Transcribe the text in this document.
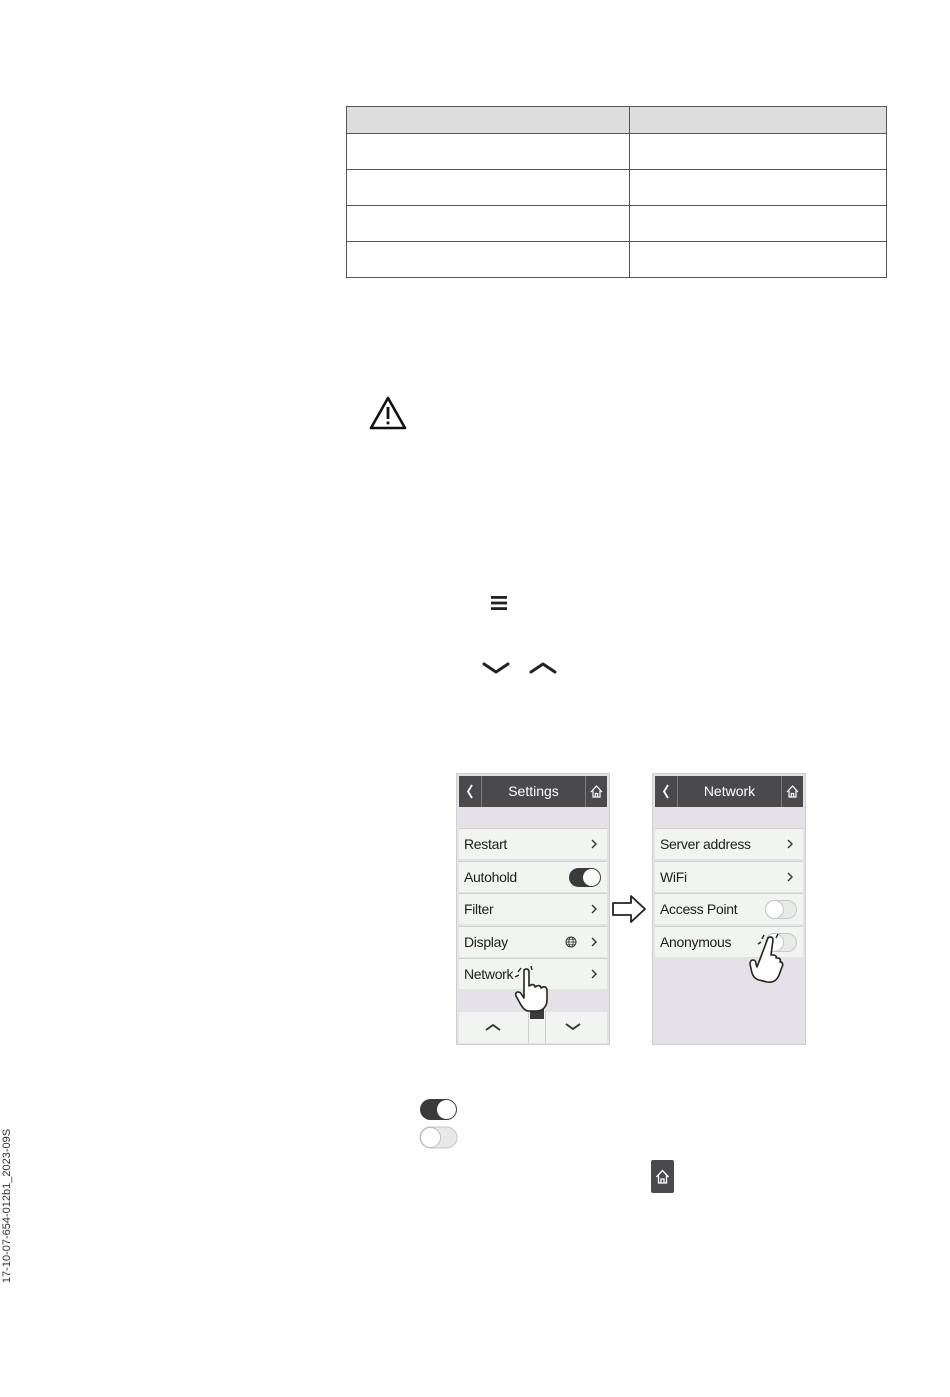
Settings
Restart
Autohold
Filter
Display
Network
Network
Server address
WiFi
Access Point
Anonymous
17-10-07-654-012b1_2023-09S
